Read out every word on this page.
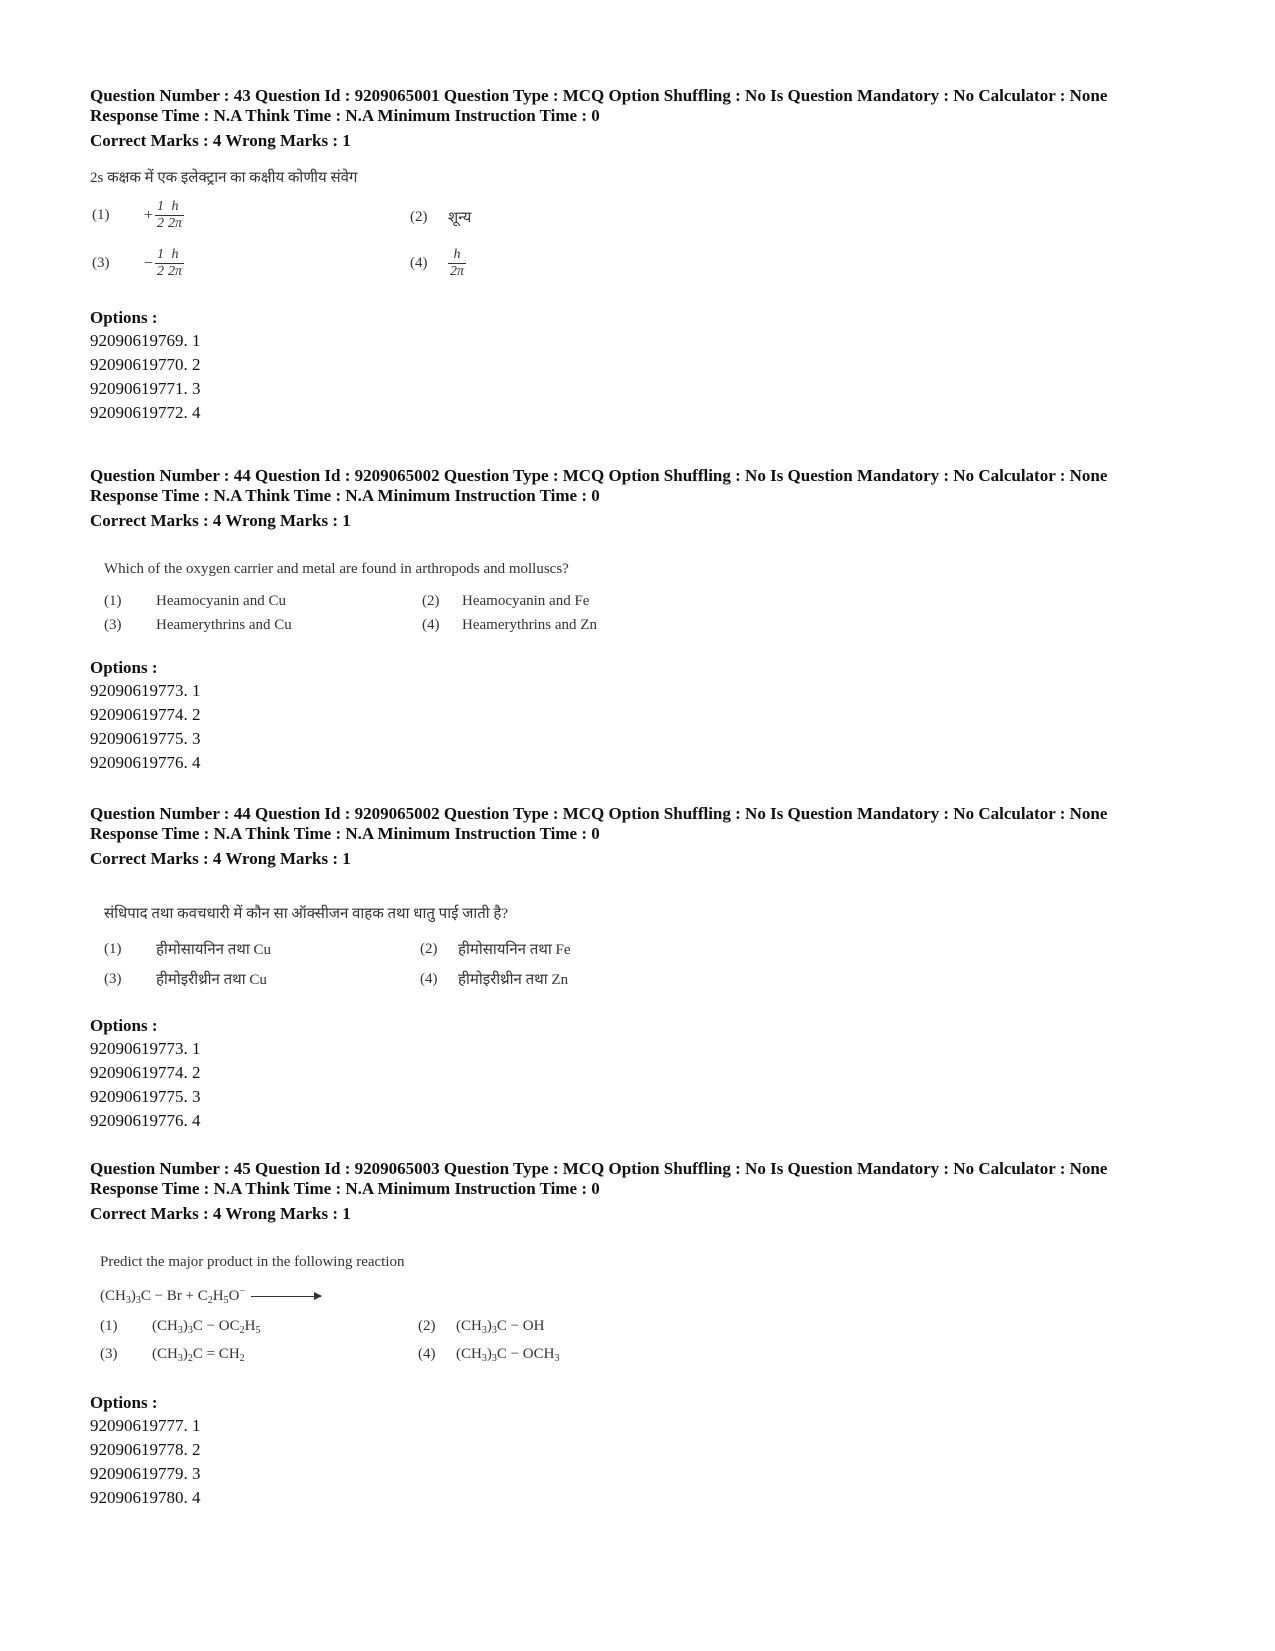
Question Number : 43 Question Id : 9209065001 Question Type : MCQ Option Shuffling : No Is Question Mandatory : No Calculator : None

Response Time : N.A Think Time : N.A Minimum Instruction Time : 0

Correct Marks : 4 Wrong Marks : 1
2s कक्षक में एक इलेक्ट्रान का कक्षीय कोणीय संवेग
(1)	+ $\frac{1}{2} \frac{h}{2\pi}$	(2)	शून्य
(3)	− $\frac{1}{2} \frac{h}{2\pi}$	(4)	$\frac{h}{2\pi}$

Options :

92090619769. 1
92090619770. 2
92090619771. 3
92090619772. 4

Question Number : 44 Question Id : 9209065002 Question Type : MCQ Option Shuffling : No Is Question Mandatory : No Calculator : None

Response Time : N.A Think Time : N.A Minimum Instruction Time : 0

Correct Marks : 4 Wrong Marks : 1
Which of the oxygen carrier and metal are found in arthropods and molluscs?
(1)	Heamocyanin and Cu	(2)	Heamocyanin and Fe
(3)	Heamerythrins and Cu	(4)	Heamerythrins and Zn

Options :

92090619773. 1
92090619774. 2
92090619775. 3
92090619776. 4

Question Number : 44 Question Id : 9209065002 Question Type : MCQ Option Shuffling : No Is Question Mandatory : No Calculator : None

Response Time : N.A Think Time : N.A Minimum Instruction Time : 0

Correct Marks : 4 Wrong Marks : 1
संधिपाद तथा कवचधारी में कौन सा ऑक्सीजन वाहक तथा धातु पाई जाती है?
(1)	हीमोसायनिन तथा Cu	(2)	हीमोसायनिन तथा Fe
(3)	हीमोइरीथ्रीन तथा Cu	(4)	हीमोइरीथ्रीन तथा Zn

Options :

92090619773. 1
92090619774. 2
92090619775. 3
92090619776. 4

Question Number : 45 Question Id : 9209065003 Question Type : MCQ Option Shuffling : No Is Question Mandatory : No Calculator : None

Response Time : N.A Think Time : N.A Minimum Instruction Time : 0

Correct Marks : 4 Wrong Marks : 1
Predict the major product in the following reaction
$(CH_3)_3C - Br + C_2H_5O^-$
(1)	$(CH_3)_3C - OC_2H_5$	(2)	$(CH_3)_3C$ − OH
(3)	$(CH_3)_2C = CH_2$	(4)	$(CH_3)_3C - OCH_3$

Options :

92090619777. 1
92090619778. 2
92090619779. 3
92090619780. 4
